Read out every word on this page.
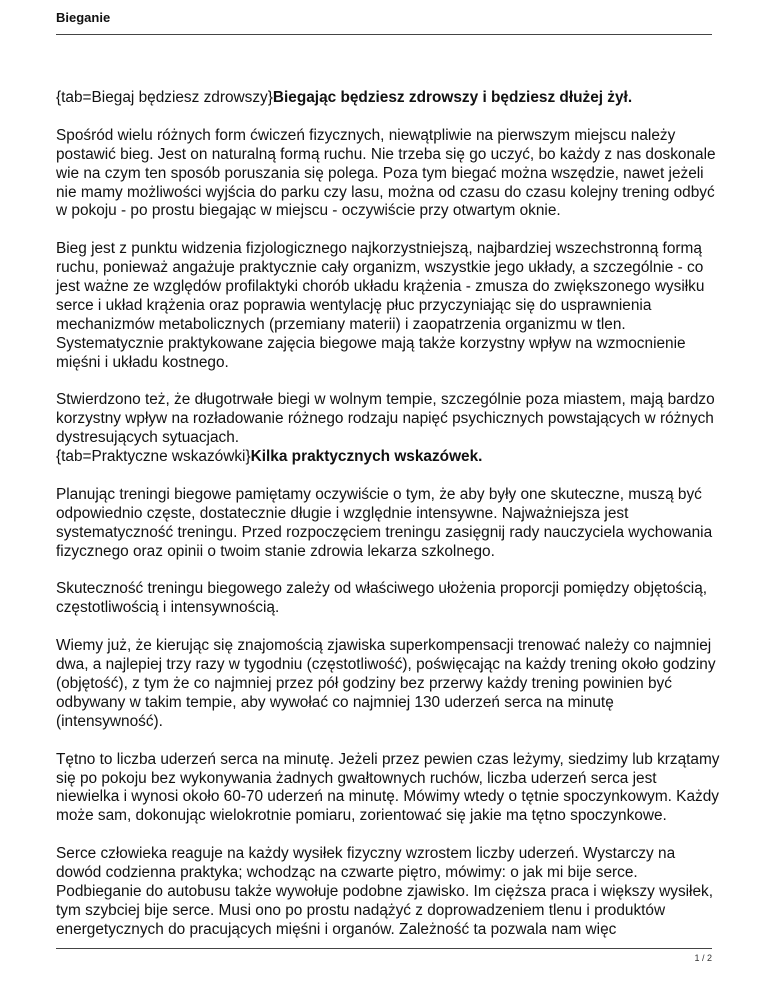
Bieganie

{tab=Biegaj będziesz zdrowszy}Biegając będziesz zdrowszy i będziesz dłużej żył.

Spośród wielu różnych form ćwiczeń fizycznych, niewątpliwie na pierwszym miejscu należy postawić bieg. Jest on naturalną formą ruchu. Nie trzeba się go uczyć, bo każdy z nas doskonale wie na czym ten sposób poruszania się polega. Poza tym biegać można wszędzie, nawet jeżeli nie mamy możliwości wyjścia do parku czy lasu, można od czasu do czasu kolejny trening odbyć w pokoju - po prostu biegając w miejscu - oczywiście przy otwartym oknie.

Bieg jest z punktu widzenia fizjologicznego najkorzystniejszą, najbardziej wszechstronną formą ruchu, ponieważ angażuje praktycznie cały organizm, wszystkie jego układy, a szczególnie - co jest ważne ze względów profilaktyki chorób układu krążenia - zmusza do zwiększonego wysiłku serce i układ krążenia oraz poprawia wentylację płuc przyczyniając się do usprawnienia mechanizmów metabolicznych (przemiany materii) i zaopatrzenia organizmu w tlen. Systematycznie praktykowane zajęcia biegowe mają także korzystny wpływ na wzmocnienie mięśni i układu kostnego.

Stwierdzono też, że długotrwałe biegi w wolnym tempie, szczególnie poza miastem, mają bardzo korzystny wpływ na rozładowanie różnego rodzaju napięć psychicznych powstających w różnych dystresujących sytuacjach.

{tab=Praktyczne wskazówki}Kilka praktycznych wskazówek.

Planując treningi biegowe pamiętamy oczywiście o tym, że aby były one skuteczne, muszą być odpowiednio częste, dostatecznie długie i względnie intensywne. Najważniejsza jest systematyczność treningu. Przed rozpoczęciem treningu zasięgnij rady nauczyciela wychowania fizycznego oraz opinii o twoim stanie zdrowia lekarza szkolnego.

Skuteczność treningu biegowego zależy od właściwego ułożenia proporcji pomiędzy objętością, częstotliwością i intensywnością.

Wiemy już, że kierując się znajomością zjawiska superkompensacji trenować należy co najmniej dwa, a najlepiej trzy razy w tygodniu (częstotliwość), poświęcając na każdy trening około godziny (objętość), z tym że co najmniej przez pół godziny bez przerwy każdy trening powinien być odbywany w takim tempie, aby wywołać co najmniej 130 uderzeń serca na minutę (intensywność).

Tętno to liczba uderzeń serca na minutę. Jeżeli przez pewien czas leżymy, siedzimy lub krzątamy się po pokoju bez wykonywania żadnych gwałtownych ruchów, liczba uderzeń serca jest niewielka i wynosi około 60-70 uderzeń na minutę. Mówimy wtedy o tętnie spoczynkowym. Każdy może sam, dokonując wielokrotnie pomiaru, zorientować się jakie ma tętno spoczynkowe.

Serce człowieka reaguje na każdy wysiłek fizyczny wzrostem liczby uderzeń. Wystarczy na dowód codzienna praktyka; wchodząc na czwarte piętro, mówimy: o jak mi bije serce. Podbieganie do autobusu także wywołuje podobne zjawisko. Im cięższa praca i większy wysiłek, tym szybciej bije serce. Musi ono po prostu nadążyć z doprowadzeniem tlenu i produktów energetycznych do pracujących mięśni i organów. Zależność ta pozwala nam więc

1 / 2
